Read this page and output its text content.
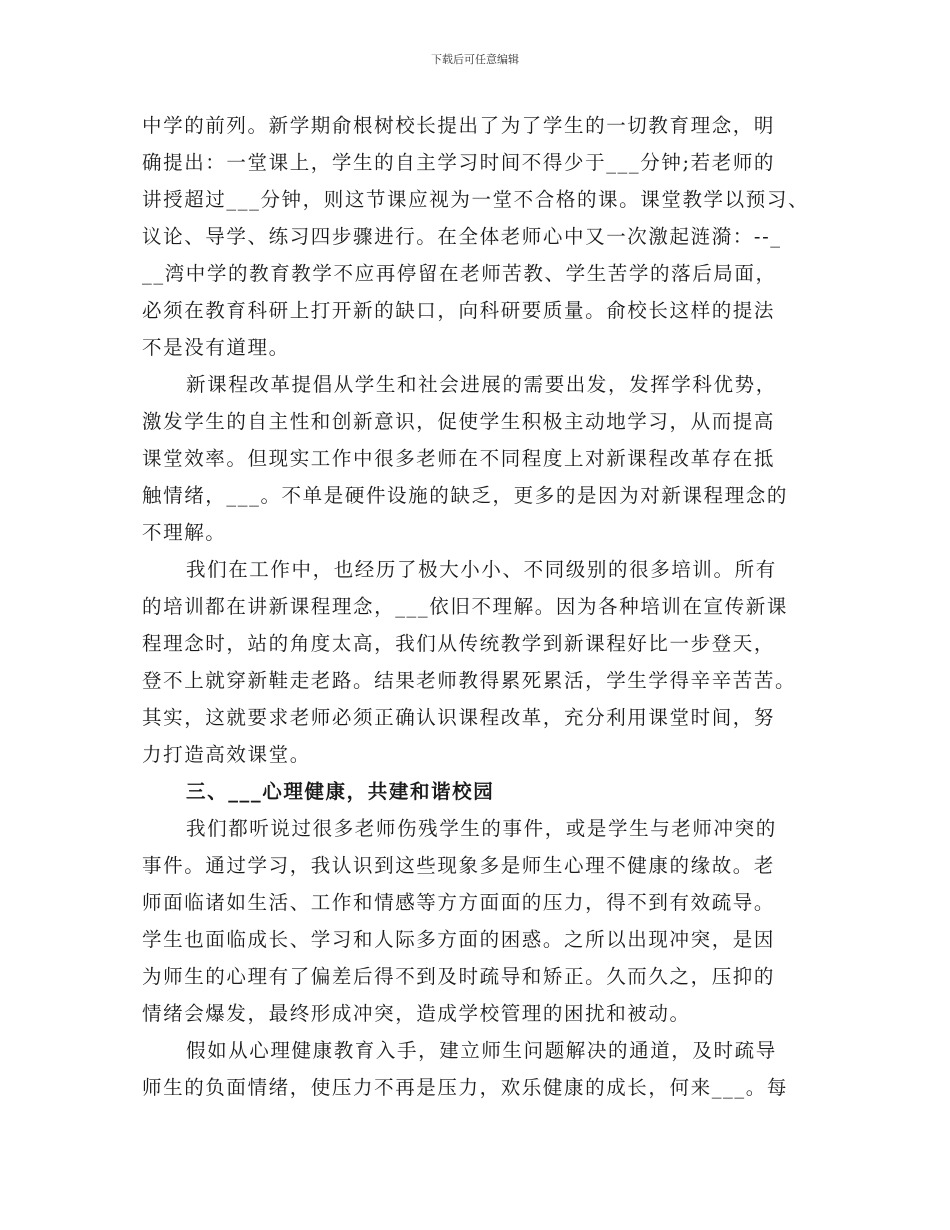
下载后可任意编辑
中学的前列。新学期俞根树校长提出了为了学生的一切教育理念，明
确提出：一堂课上，学生的自主学习时间不得少于___分钟;若老师的
讲授超过___分钟，则这节课应视为一堂不合格的课。课堂教学以预习、
议论、导学、练习四步骤进行。在全体老师心中又一次激起涟漪：--_
__湾中学的教育教学不应再停留在老师苦教、学生苦学的落后局面，
必须在教育科研上打开新的缺口，向科研要质量。俞校长这样的提法
不是没有道理。
新课程改革提倡从学生和社会进展的需要出发，发挥学科优势，
激发学生的自主性和创新意识，促使学生积极主动地学习，从而提高
课堂效率。但现实工作中很多老师在不同程度上对新课程改革存在抵
触情绪，___。不单是硬件设施的缺乏，更多的是因为对新课程理念的
不理解。
我们在工作中，也经历了极大小小、不同级别的很多培训。所有
的培训都在讲新课程理念，___依旧不理解。因为各种培训在宣传新课
程理念时，站的角度太高，我们从传统教学到新课程好比一步登天，
登不上就穿新鞋走老路。结果老师教得累死累活，学生学得辛辛苦苦。
其实，这就要求老师必须正确认识课程改革，充分利用课堂时间，努
力打造高效课堂。
三、___心理健康，共建和谐校园
我们都听说过很多老师伤残学生的事件，或是学生与老师冲突的
事件。通过学习，我认识到这些现象多是师生心理不健康的缘故。老
师面临诸如生活、工作和情感等方方面面的压力，得不到有效疏导。
学生也面临成长、学习和人际多方面的困惑。之所以出现冲突，是因
为师生的心理有了偏差后得不到及时疏导和矫正。久而久之，压抑的
情绪会爆发，最终形成冲突，造成学校管理的困扰和被动。
假如从心理健康教育入手，建立师生问题解决的通道，及时疏导
师生的负面情绪，使压力不再是压力，欢乐健康的成长，何来___。每
